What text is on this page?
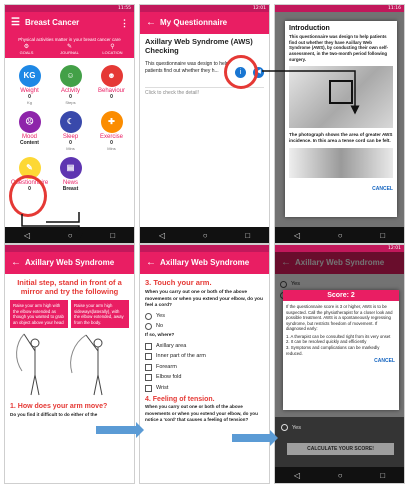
11:55
☰ Breast Cancer	⋮
Physical activities matter in your breast cancer care
⚙
GOALS
✎
JOURNAL
⚲
LOCATION
KG
Weight
0
Kg
☺
Activity
0
Steps
☻
Behaviour
0
☹
Mood
Content
☾
Sleep
0
Mins
✚
Exercise
0
Mins
✎
Questionnaire
0
▤
News
Breast
◁	○	□
12:01
← My Questionnaire
Axillary Web Syndrome (AWS) Checking
This questionnaire was design to help patients find out whether they h...
Click to check the detail!
i	◀
◁	○	□
11:16
Introduction
This questionnaire was design to help patients find out whether they have Axillary Web Syndrome (AWS), by conducting their own self-assessment, in the two-month period following surgery.
The photograph shows the area of greater AWS incidence. In this area a tense cord can be felt.
CANCEL
◁	○	□
← Axillary Web Syndrome
Initial step, stand in front of a mirror and try the following
Raise your arm high with the elbow extended as though you wanted to grab an object above your head
Raise your arm high sideways(laterally), with the elbow extended, away from the body.
1. How does your arm move?
Do you find it difficult to do either of the
← Axillary Web Syndrome
3. Touch your arm.
When you carry out one or both of the above movements or when you extend your elbow, do you feel a cord?
Yes
No
If so, where?
Axillary area
Inner part of the arm
Forearm
Elbow fold
Wrist
4. Feeling of tension.
When you carry out one or both of the above movements or when you extend your elbow, do you notice a 'cord' that causes a feeling of tension?
12:01
Score: 2
If the questionnaire score is 3 or higher, AWS is to be suspected. Call the physiotherapist for a closer look and possible treatment. AWS is a spontaneously regressing syndrome, but restricts freedom of movement. If diagnosed early:
1. A therapist can be consulted right from its very onset
2. It can be resolved quickly and efficiently
3. Symptoms and complications can be markedly reduced.
CANCEL
Yes
CALCULATE YOUR SCORE!
◁	○	□
